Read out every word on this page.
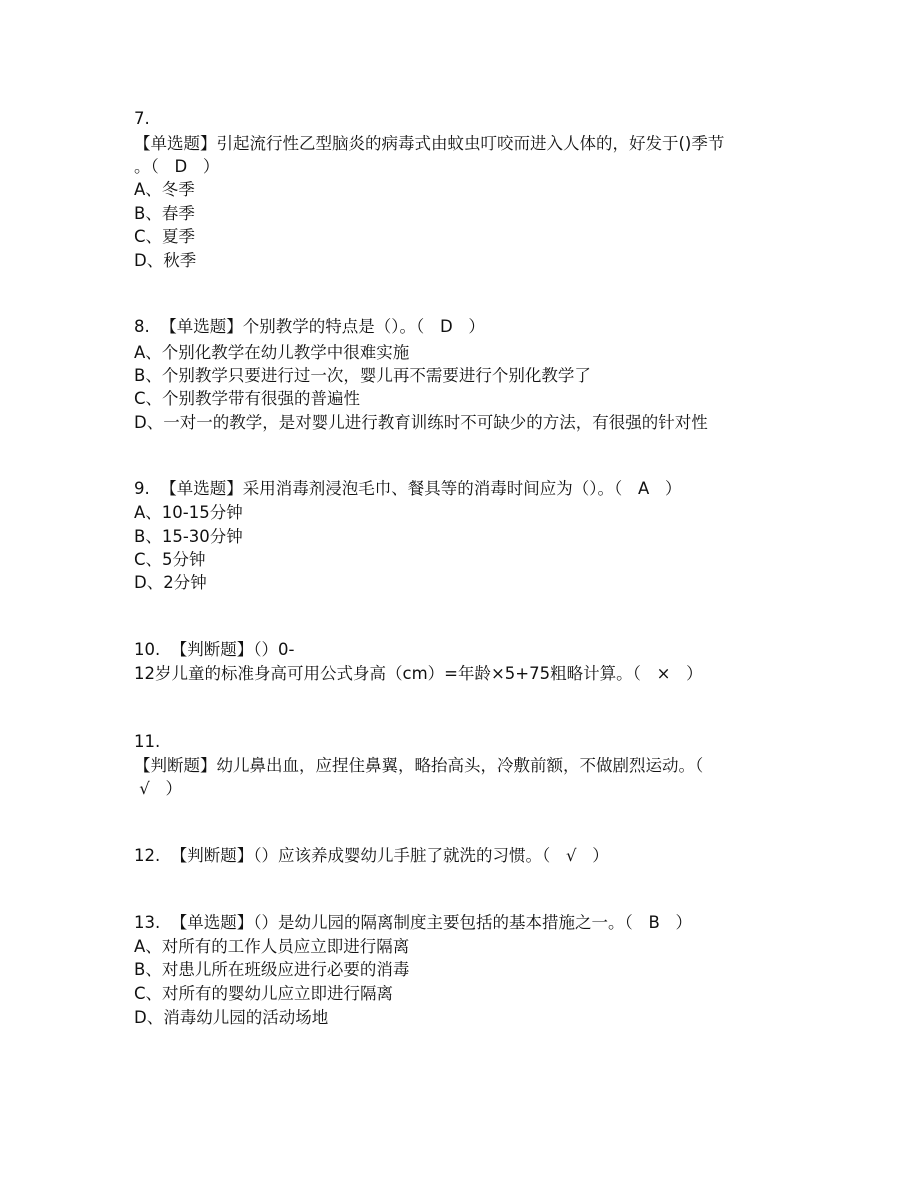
7.
【单选题】引起流行性乙型脑炎的病毒式由蚊虫叮咬而进入人体的，好发于()季节
。（   D   ）
A、冬季
B、春季
C、夏季
D、秋季
8.  【单选题】个别教学的特点是（）。（   D   ）
A、个别化教学在幼儿教学中很难实施
B、个别教学只要进行过一次，婴儿再不需要进行个别化教学了
C、个别教学带有很强的普遍性
D、一对一的教学，是对婴儿进行教育训练时不可缺少的方法，有很强的针对性
9.  【单选题】采用消毒剂浸泡毛巾、餐具等的消毒时间应为（）。（   A   ）
A、10-15分钟
B、15-30分钟
C、5分钟
D、2分钟
10.  【判断题】（）0-
12岁儿童的标准身高可用公式身高（cm）=年龄×5+75粗略计算。（   ×   ）
11.
【判断题】幼儿鼻出血，应捏住鼻翼，略抬高头，冷敷前额，不做剧烈运动。（
√   ）
12.  【判断题】（）应该养成婴幼儿手脏了就洗的习惯。（   √   ）
13.  【单选题】（）是幼儿园的隔离制度主要包括的基本措施之一。（   B   ）
A、对所有的工作人员应立即进行隔离
B、对患儿所在班级应进行必要的消毒
C、对所有的婴幼儿应立即进行隔离
D、消毒幼儿园的活动场地
